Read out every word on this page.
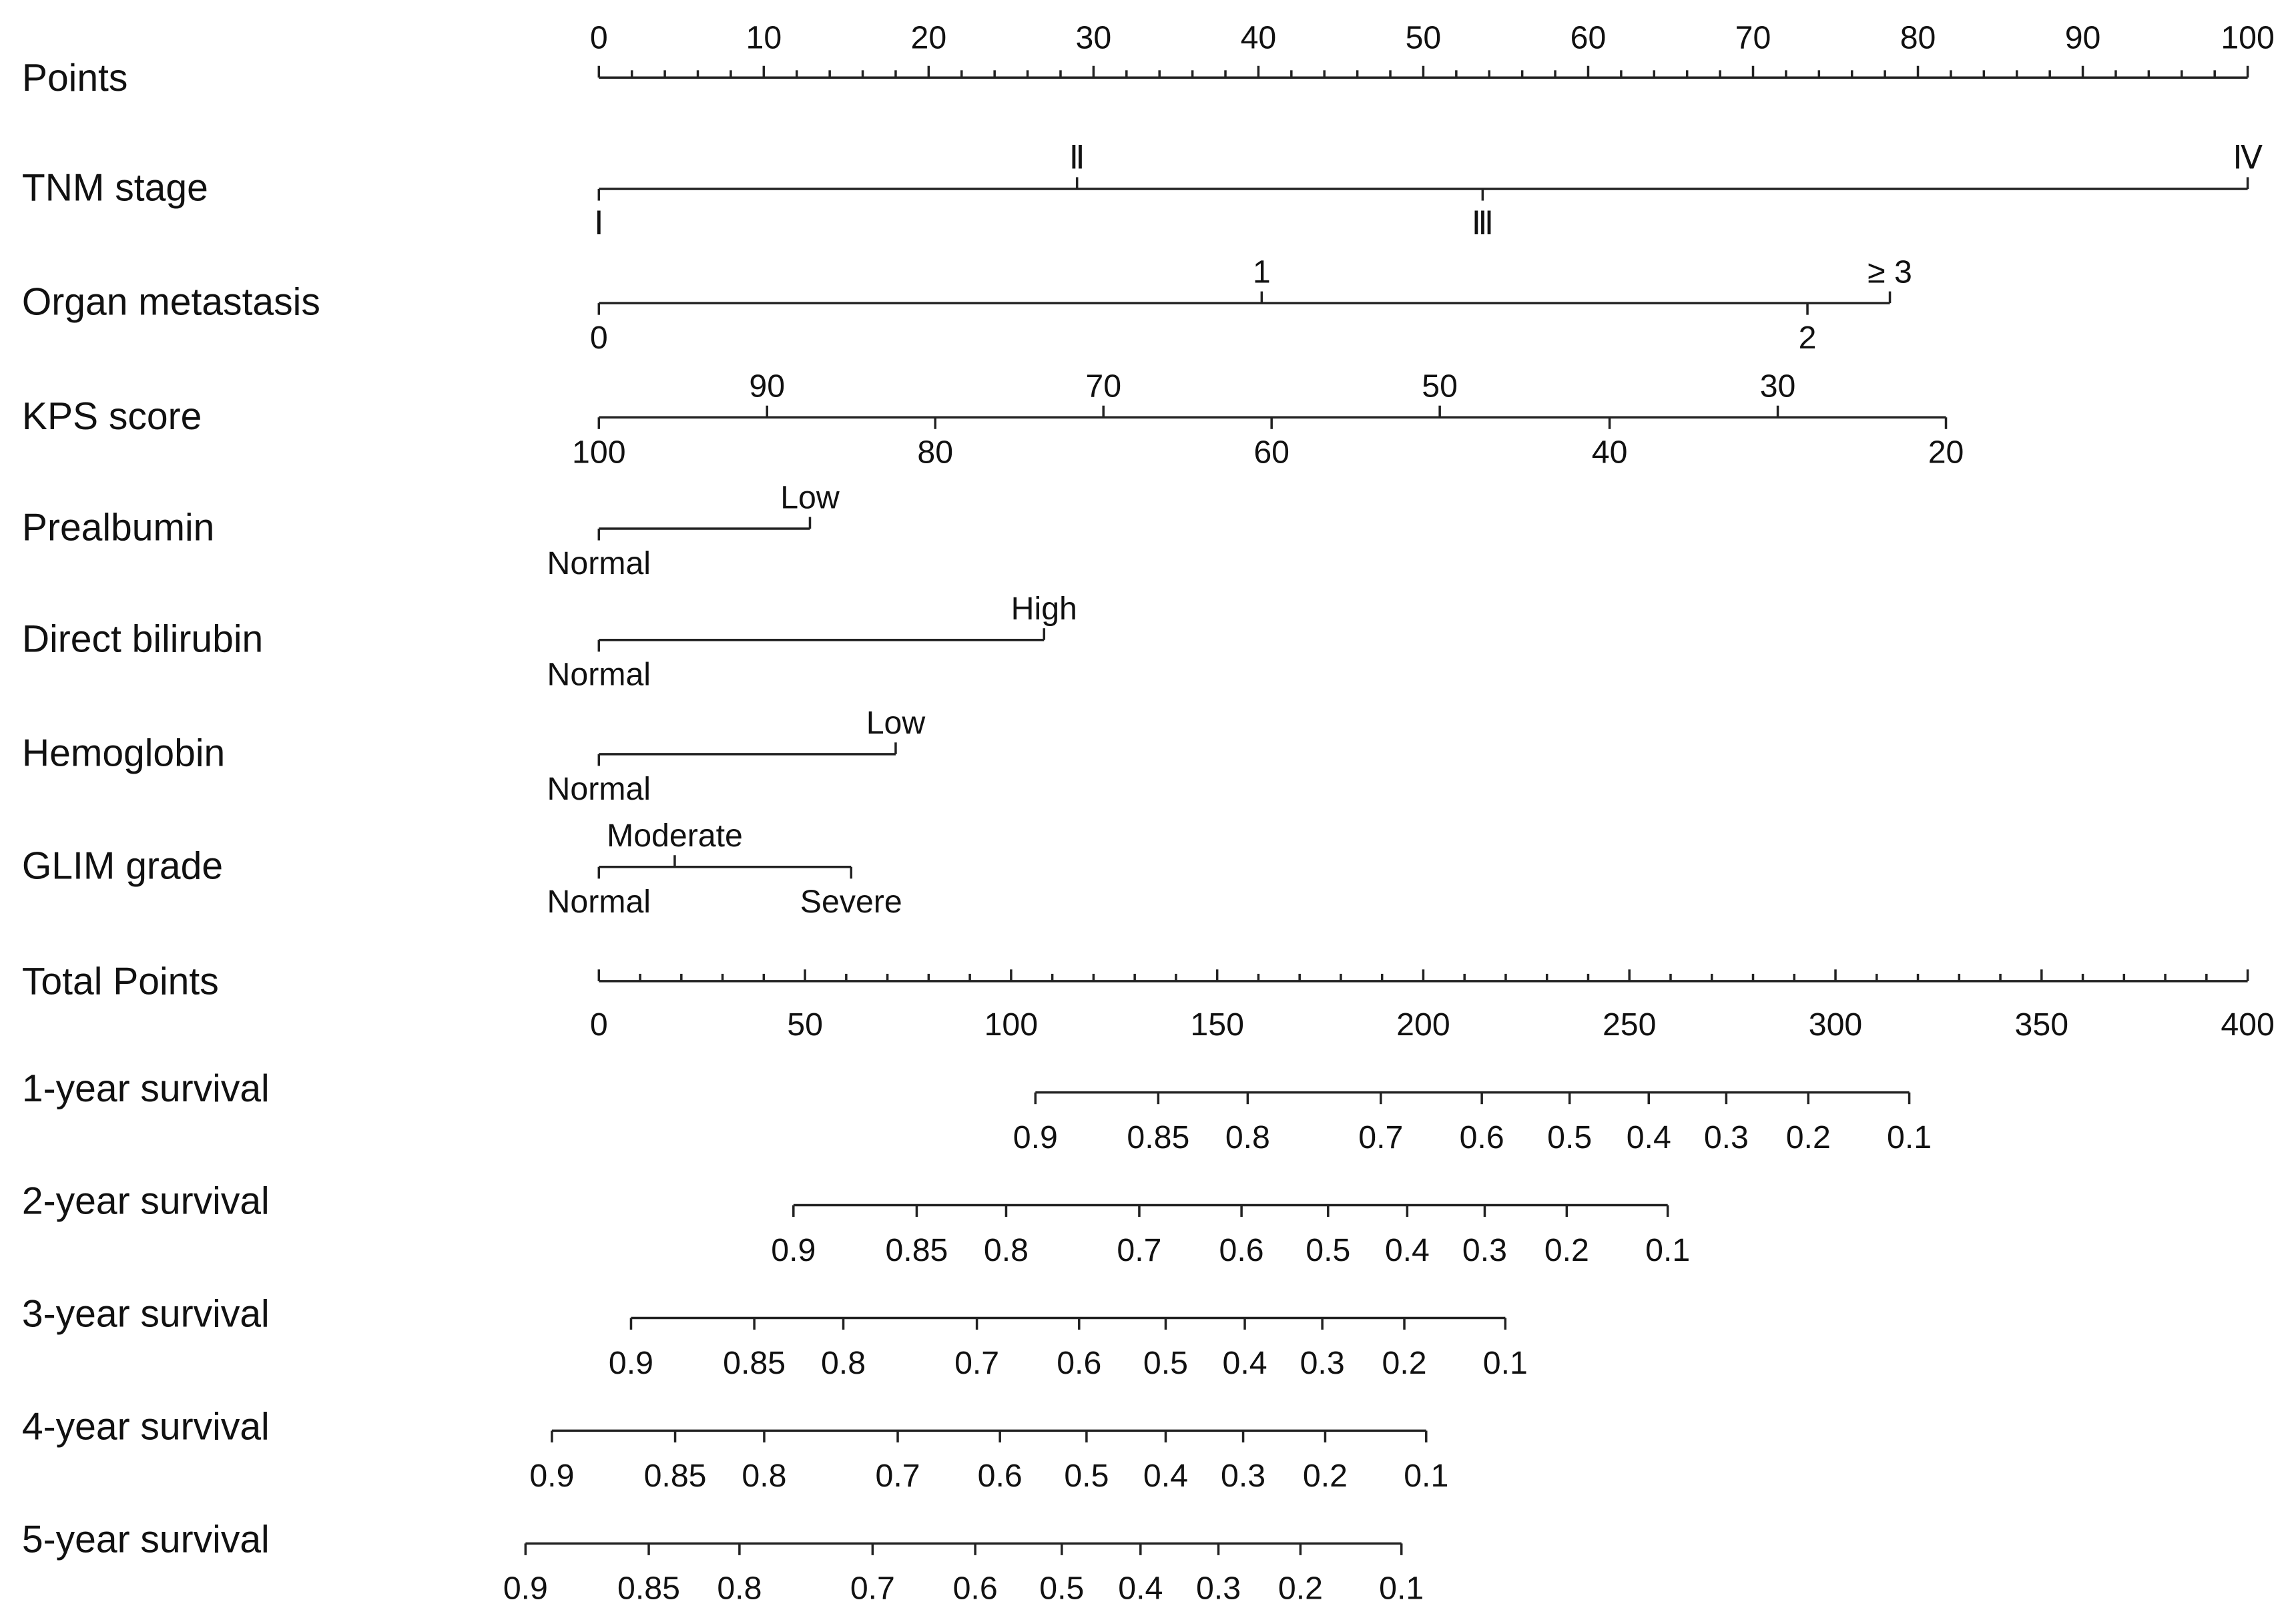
Points
Total Points
0	10	20	30	40	50	60	70	80	90	100
TNM stage
Ⅰ
Ⅱ
Ⅲ
Ⅳ
Organ metastasis
0
1
2
≥ 3
KPS score
100
90
80
70
60
50
40
30
20
Prealbumin
Normal
Low
Direct bilirubin
Normal
High
Hemoglobin
Normal
Low
GLIM grade
Normal
Moderate
Severe
0	50	100	150	200	250	300	350	400
1-year survival
0.9	0.85 0.8	0.7	0.6	0.5 0.4 0.3	0.2	0.1
2-year survival
0.9	0.85 0.8	0.7	0.6	0.5 0.4 0.3	0.2	0.1
3-year survival
0.9	0.85 0.8	0.7	0.6	0.5 0.4 0.3	0.2	0.1
4-year survival
0.9	0.85 0.8	0.7	0.6	0.5 0.4 0.3	0.2	0.1
5-year survival
0.9	0.85	0.8	0.7	0.6	0.5 0.4 0.3	0.2	0.1
